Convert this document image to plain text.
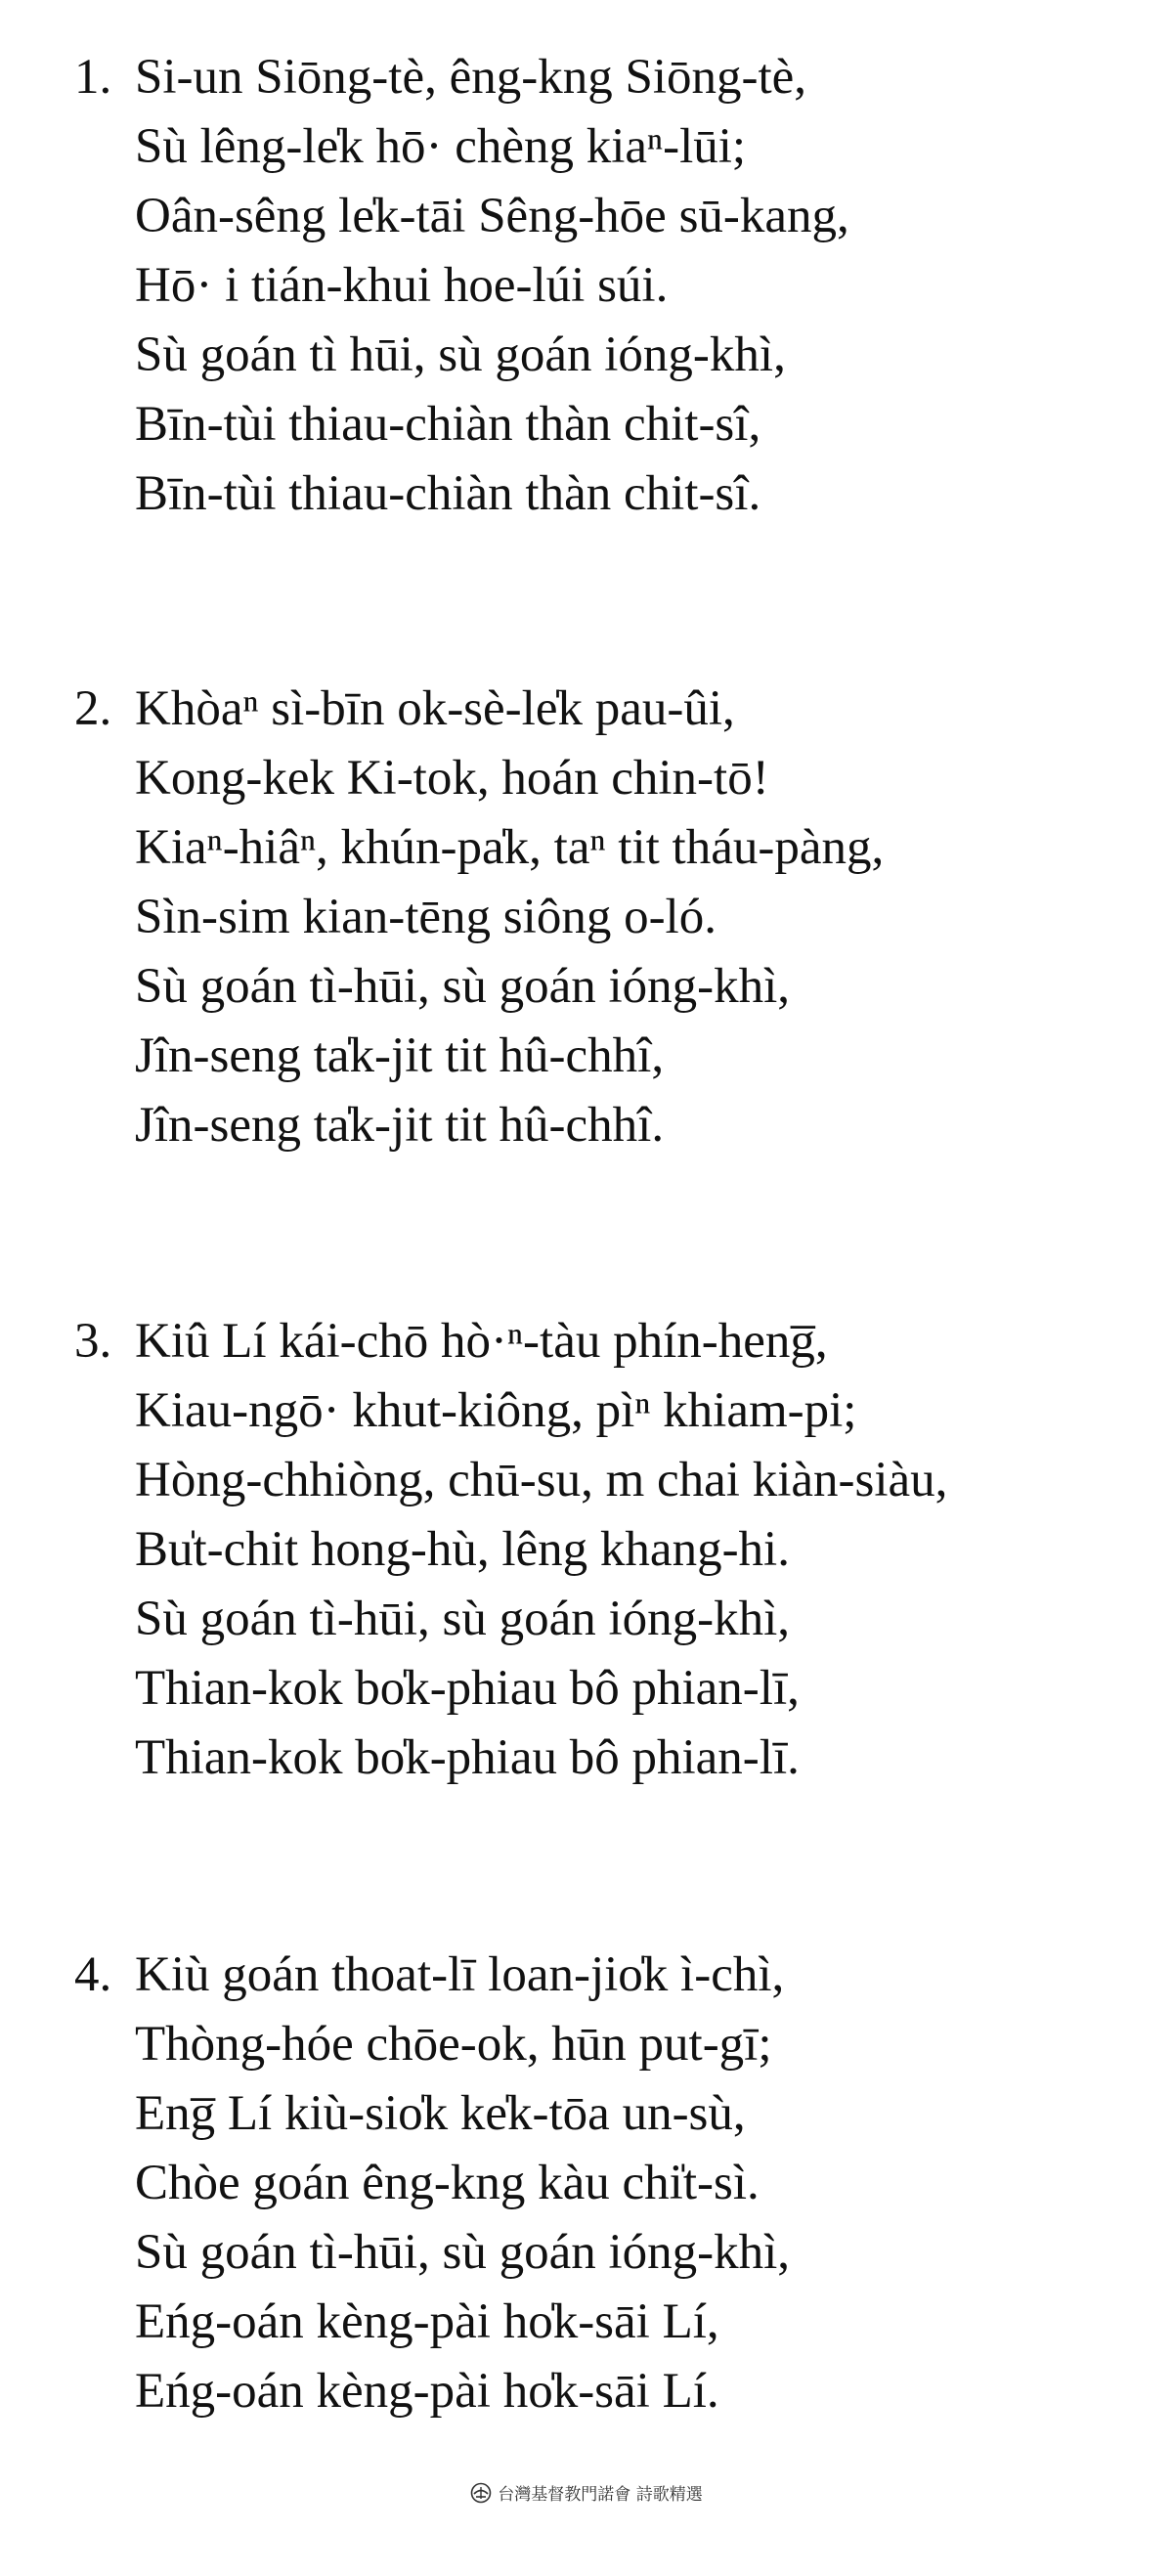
1. Si-un Siōng-tè, êng-kng Siōng-tè,
Sù lêng-le̍k hō· chèng kiaⁿ-lūi;
Oân-sêng le̍k-tāi Sêng-hōe sū-kang,
Hō· i tián-khui hoe-lúi súi.
Sù goán tì hūi, sù goán ióng-khì,
Bīn-tùi thiau-chiàn thàn chit-sî,
Bīn-tùi thiau-chiàn thàn chit-sî.
2. Khòaⁿ sì-bīn ok-sè-le̍k pau-ûi,
Kong-kek Ki-tok, hoán chin-tō!
Kiaⁿ-hiâⁿ, khún-pa̍k, taⁿ tit tháu-pàng,
Sìn-sim kian-tēng siông o-ló.
Sù goán tì-hūi, sù goán ióng-khì,
Jîn-seng ta̍k-jit tit hû-chhî,
Jîn-seng ta̍k-jit tit hû-chhî.
3. Kiû Lí kái-chō hò·ⁿ-tàu phín-heng̅,
Kiau-ngō· khut-kiông, pìⁿ khiam-pi;
Hòng-chhiòng, chū-su, m chai kiàn-siàu,
Bu̍t-chit hong-hù, lêng khang-hi.
Sù goán tì-hūi, sù goán ióng-khì,
Thian-kok bo̍k-phiau bô phian-lī,
Thian-kok bo̍k-phiau bô phian-lī.
4. Kiù goán thoat-lī loan-jio̍k ì-chì,
Thòng-hóe chōe-ok, hūn put-gī;
Eng̅ Lí kiù-sio̍k ke̍k-tōa un-sù,
Chòe goán êng-kng kàu chi̍t-sì.
Sù goán tì-hūi, sù goán ióng-khì,
Eńg-oán kèng-pài ho̍k-sāi Lí,
Eńg-oán kèng-pài ho̍k-sāi Lí.
台灣基督教門諾會 詩歌精選
